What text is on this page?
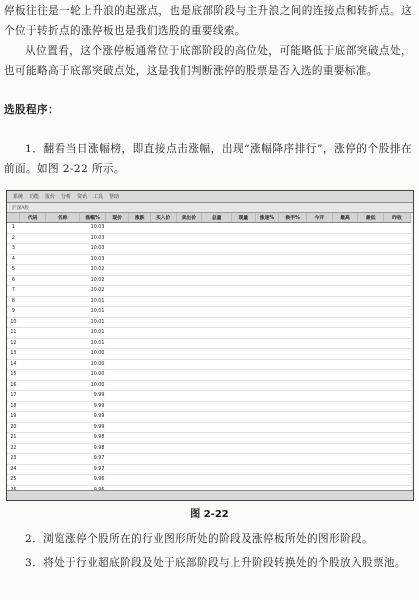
停板往往是一轮上升浪的起涨点，也是底部阶段与主升浪之间的连接点和转折点。这个位于转折点的涨停板也是我们选股的重要线索。

从位置看，这个涨停板通常位于底部阶段的高位处，可能略低于底部突破点处，也可能略高于底部突破点处，这是我们判断涨停的股票是否入选的重要标准。

选股程序：

1．翻看当日涨幅榜，即直接点击涨幅，出现“涨幅降序排行”，涨停的个股排在前面。如图 2-22 所示。

系统 功能 报价 分析 资讯 工具 帮助
沪深A股
	代码	名称	涨幅%	现价	涨跌	买入价	卖出价	总量	现量	涨速%	换手%	今开	最高	最低	昨收
1			10.03												
2			10.03												
3			10.03												
4			10.03												
5			10.02												
6			10.02												
7			10.02												
8			10.01												
9			10.01												
10			10.01												
11			10.01												
12			10.01												
13			10.00												
14			10.00												
15			10.00												
16			10.00												
17			9.99												
18			9.99												
19			9.99												
20			9.99												
21			9.98												
22			9.98												
23			9.97												
24			9.97												
25			9.96												

图 2-22

2．浏览涨停个股所在的行业图形所处的阶段及涨停板所处的图形阶段。

3．将处于行业超底阶段及处于底部阶段与上升阶段转换处的个股放入股票池。
